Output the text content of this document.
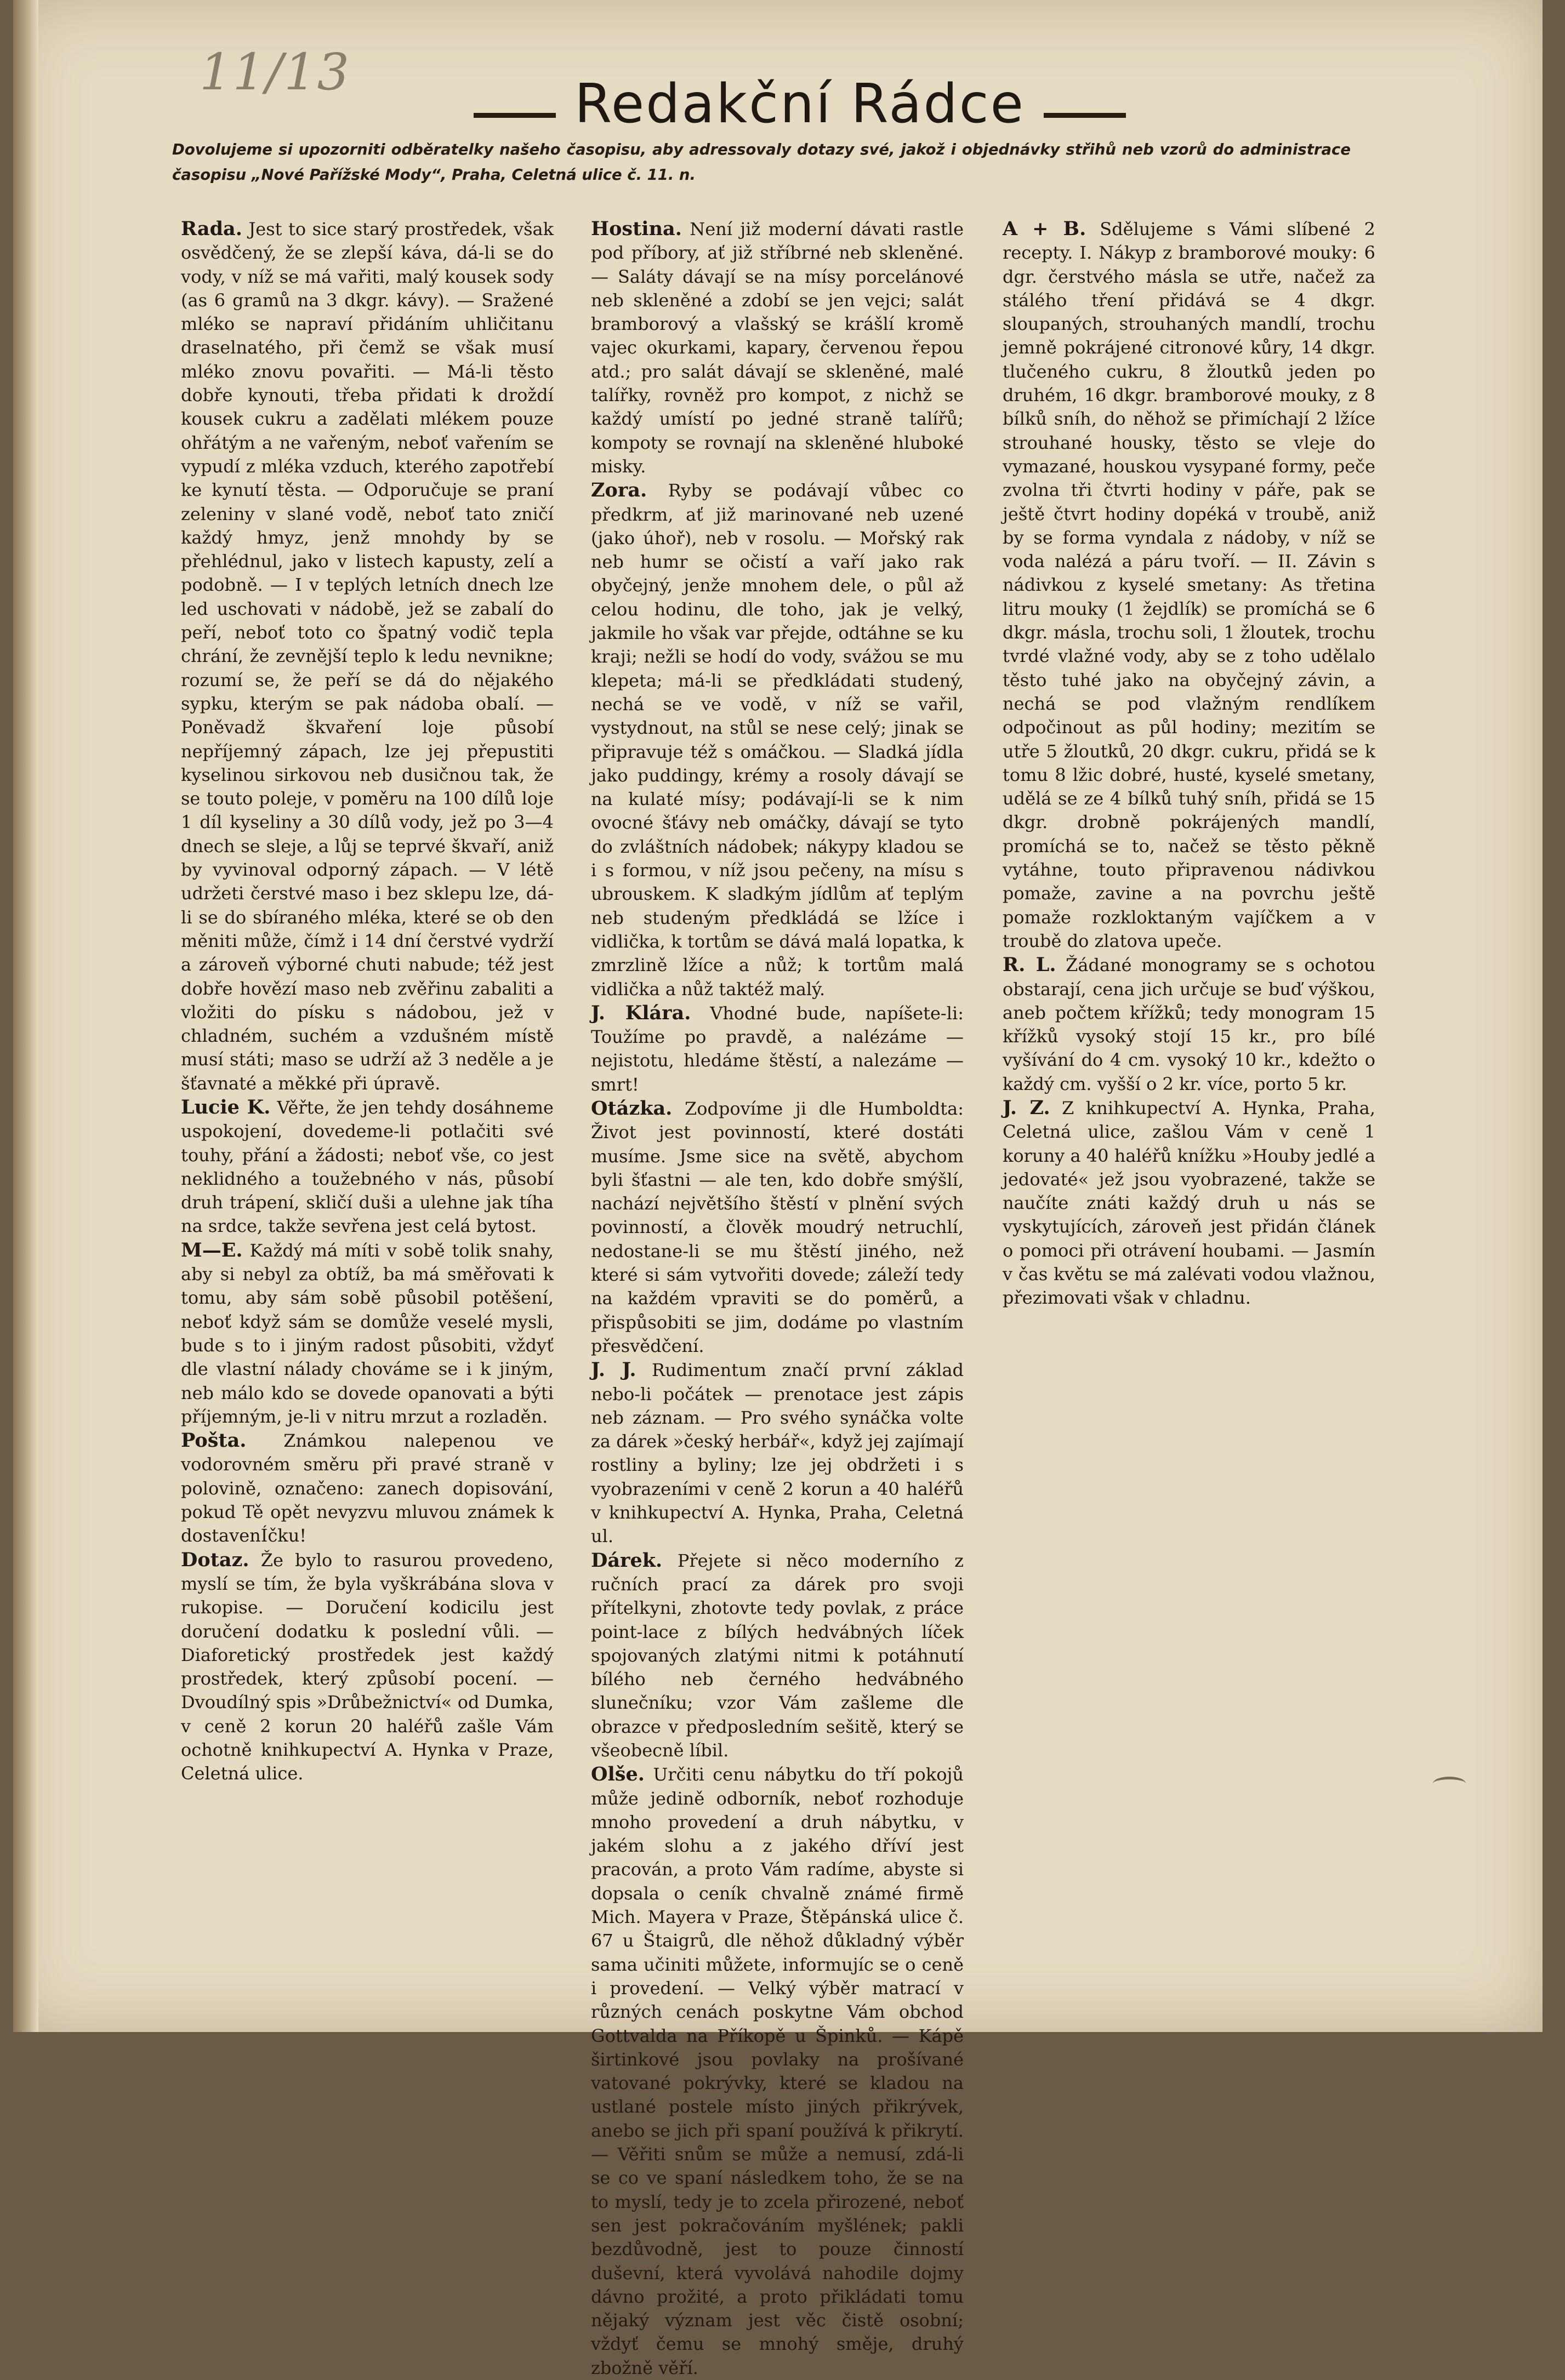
11/13
Redakční Rádce
Dovolujeme si upozorniti odběratelky našeho časopisu, aby adressovaly dotazy své, jakož i objednávky střihů neb vzorů do administrace časopisu „Nové Pařížské Mody“, Praha, Celetná ulice č. 11. n.

Rada. Jest to sice starý prostředek, však osvědčený, že se zlepší káva, dá-li se do vody, v níž se má vařiti, malý kousek sody (as 6 gramů na 3 dkgr. kávy). — Sražené mléko se napraví přidáním uhličitanu draselnatého, při čemž se však musí mléko znovu povařiti. — Má-li těsto dobře kynouti, třeba přidati k droždí kousek cukru a zadělati mlékem pouze ohřátým a ne vařeným, neboť vařením se vypudí z mléka vzduch, kterého zapotřebí ke kynutí těsta. — Odporučuje se praní zeleniny v slané vodě, neboť tato zničí každý hmyz, jenž mnohdy by se přehlédnul, jako v listech kapusty, zelí a podobně. — I v teplých letních dnech lze led uschovati v nádobě, jež se zabalí do peří, neboť toto co špatný vodič tepla chrání, že zevnější teplo k ledu nevnikne; rozumí se, že peří se dá do nějakého sypku, kterým se pak nádoba obalí. — Poněvadž škvaření loje působí nepříjemný zápach, lze jej přepustiti kyselinou sirkovou neb dusičnou tak, že se touto poleje, v poměru na 100 dílů loje 1 díl kyseliny a 30 dílů vody, jež po 3—4 dnech se sleje, a lůj se teprvé škvaří, aniž by vyvinoval odporný zápach. — V létě udržeti čerstvé maso i bez sklepu lze, dá-li se do sbíraného mléka, které se ob den měniti může, čímž i 14 dní čerstvé vydrží a zároveň výborné chuti nabude; též jest dobře hovězí maso neb zvěřinu zabaliti a vložiti do písku s nádobou, jež v chladném, suchém a vzdušném místě musí státi; maso se udrží až 3 neděle a je šťavnaté a měkké při úpravě.

Lucie K. Věřte, že jen tehdy dosáhneme uspokojení, dovedeme-li potlačiti své touhy, přání a žádosti; neboť vše, co jest neklidného a toužebného v nás, působí druh trápení, skličí duši a ulehne jak tíha na srdce, takže sevřena jest celá bytost.

M—E. Každý má míti v sobě tolik snahy, aby si nebyl za obtíž, ba má směřovati k tomu, aby sám sobě působil potěšení, neboť když sám se domůže veselé mysli, bude s to i jiným radost působiti, vždyť dle vlastní nálady chováme se i k jiným, neb málo kdo se dovede opanovati a býti příjemným, je-li v nitru mrzut a rozladěn.

Pošta. Známkou nalepenou ve vodorovném směru při pravé straně v polovině, označeno: zanech dopisování, pokud Tě opět nevyzvu mluvou známek k dostavenÍčku!

Dotaz. Že bylo to rasurou provedeno, myslí se tím, že byla vyškrábána slova v rukopise. — Doručení kodicilu jest doručení dodatku k poslední vůli. — Diaforetický prostředek jest každý prostředek, který způsobí pocení. — Dvoudílný spis »Drůbežnictví« od Dumka, v ceně 2 korun 20 haléřů zašle Vám ochotně knihkupectví A. Hynka v Praze, Celetná ulice.

Hostina. Není již moderní dávati rastle pod příbory, ať již stříbrné neb skleněné. — Saláty dávají se na mísy porcelánové neb skleněné a zdobí se jen vejci; salát bramborový a vlašský se krášlí kromě vajec okurkami, kapary, červenou řepou atd.; pro salát dávají se skleněné, malé talířky, rovněž pro kompot, z nichž se každý umístí po jedné straně talířů; kompoty se rovnají na skleněné hluboké misky.

Zora. Ryby se podávají vůbec co předkrm, ať již marinované neb uzené (jako úhoř), neb v rosolu. — Mořský rak neb humr se očistí a vaří jako rak obyčejný, jenže mnohem dele, o půl až celou hodinu, dle toho, jak je velký, jakmile ho však var přejde, odtáhne se ku kraji; nežli se hodí do vody, svážou se mu klepeta; má-li se předkládati studený, nechá se ve vodě, v níž se vařil, vystydnout, na stůl se nese celý; jinak se připravuje též s omáčkou. — Sladká jídla jako puddingy, krémy a rosoly dávají se na kulaté mísy; podávají-li se k nim ovocné šťávy neb omáčky, dávají se tyto do zvláštních nádobek; nákypy kladou se i s formou, v níž jsou pečeny, na mísu s ubrouskem. K sladkým jídlům ať teplým neb studeným předkládá se lžíce i vidlička, k tortům se dává malá lopatka, k zmrzlině lžíce a nůž; k tortům malá vidlička a nůž taktéž malý.

J. Klára. Vhodné bude, napíšete-li: Toužíme po pravdě, a nalézáme — nejistotu, hledáme štěstí, a nalezáme — smrt!

Otázka. Zodpovíme ji dle Humboldta: Život jest povinností, které dostáti musíme. Jsme sice na světě, abychom byli šťastni — ale ten, kdo dobře smýšlí, nachází největšího štěstí v plnění svých povinností, a člověk moudrý netruchlí, nedostane-li se mu štěstí jiného, než které si sám vytvořiti dovede; záleží tedy na každém vpraviti se do poměrů, a přispůsobiti se jim, dodáme po vlastním přesvědčení.

J. J. Rudimentum značí první základ nebo-li počátek — prenotace jest zápis neb záznam. — Pro svého synáčka volte za dárek »český herbář«, když jej zajímají rostliny a byliny; lze jej obdržeti i s vyobrazeními v ceně 2 korun a 40 haléřů v knihkupectví A. Hynka, Praha, Celetná ul.

Dárek. Přejete si něco moderního z ručních prací za dárek pro svoji přítelkyni, zhotovte tedy povlak, z práce point-lace z bílých hedvábných líček spojovaných zlatými nitmi k potáhnutí bílého neb černého hedvábného slunečníku; vzor Vám zašleme dle obrazce v předposledním sešitě, který se všeobecně líbil.

Olše. Určiti cenu nábytku do tří pokojů může jedině odborník, neboť rozhoduje mnoho provedení a druh nábytku, v jakém slohu a z jakého dříví jest pracován, a proto Vám radíme, abyste si dopsala o ceník chvalně známé firmě Mich. Mayera v Praze, Štěpánská ulice č. 67 u Štaigrů, dle něhož důkladný výběr sama učiniti můžete, informujíc se o ceně i provedení. — Velký výběr matrací v různých cenách poskytne Vám obchod Gottvalda na Příkopě u Špinků. — Kápě širtinkové jsou povlaky na prošívané vatované pokrývky, které se kladou na ustlané postele místo jiných přikrývek, anebo se jich při spaní používá k přikrytí. — Věřiti snům se může a nemusí, zdá-li se co ve spaní následkem toho, že se na to myslí, tedy je to zcela přirozené, neboť sen jest pokračováním myšlének; pakli bezdůvodně, jest to pouze činností duševní, která vyvolává nahodile dojmy dávno prožité, a proto přikládati tomu nějaký význam jest věc čistě osobní; vždyť čemu se mnohý směje, druhý zbožně věří.

A + B. Sdělujeme s Vámi slíbené 2 recepty. I. Nákyp z bramborové mouky: 6 dgr. čerstvého másla se utře, načež za stálého tření přidává se 4 dkgr. sloupaných, strouhaných mandlí, trochu jemně pokrájené citronové kůry, 14 dkgr. tlučeného cukru, 8 žloutků jeden po druhém, 16 dkgr. bramborové mouky, z 8 bílků sníh, do něhož se přimíchají 2 lžíce strouhané housky, těsto se vleje do vymazané, houskou vysypané formy, peče zvolna tři čtvrti hodiny v páře, pak se ještě čtvrt hodiny dopéká v troubě, aniž by se forma vyndala z nádoby, v níž se voda nalézá a páru tvoří. — II. Závin s nádivkou z kyselé smetany: As třetina litru mouky (1 žejdlík) se promíchá se 6 dkgr. másla, trochu soli, 1 žloutek, trochu tvrdé vlažné vody, aby se z toho udělalo těsto tuhé jako na obyčejný závin, a nechá se pod vlažným rendlíkem odpočinout as půl hodiny; mezitím se utře 5 žloutků, 20 dkgr. cukru, přidá se k tomu 8 lžic dobré, husté, kyselé smetany, udělá se ze 4 bílků tuhý sníh, přidá se 15 dkgr. drobně pokrájených mandlí, promíchá se to, načež se těsto pěkně vytáhne, touto připravenou nádivkou pomaže, zavine a na povrchu ještě pomaže rozkloktaným vajíčkem a v troubě do zlatova upeče.

R. L. Žádané monogramy se s ochotou obstarají, cena jich určuje se buď výškou, aneb počtem křížků; tedy monogram 15 křížků vysoký stojí 15 kr., pro bílé vyšívání do 4 cm. vysoký 10 kr., kdežto o každý cm. vyšší o 2 kr. více, porto 5 kr.

J. Z. Z knihkupectví A. Hynka, Praha, Celetná ulice, zašlou Vám v ceně 1 koruny a 40 haléřů knížku »Houby jedlé a jedovaté« jež jsou vyobrazené, takže se naučíte znáti každý druh u nás se vyskytujících, zároveň jest přidán článek o pomoci při otrávení houbami. — Jasmín v čas květu se má zalévati vodou vlažnou, přezimovati však v chladnu.
